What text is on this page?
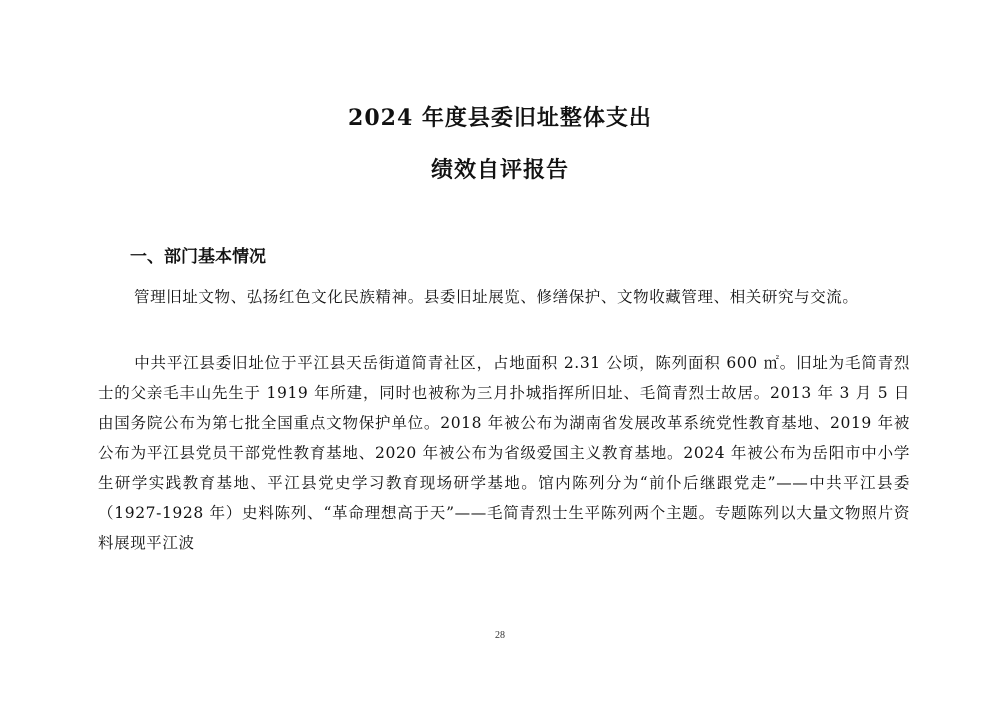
2024 年度县委旧址整体支出
绩效自评报告
一、部门基本情况

管理旧址文物、弘扬红色文化民族精神。县委旧址展览、修缮保护、文物收藏管理、相关研究与交流。

中共平江县委旧址位于平江县天岳街道简青社区，占地面积 2.31 公顷，陈列面积 600 ㎡。旧址为毛简青烈士的父亲毛丰山先生于 1919 年所建，同时也被称为三月扑城指挥所旧址、毛简青烈士故居。2013 年 3 月 5 日由国务院公布为第七批全国重点文物保护单位。2018 年被公布为湖南省发展改革系统党性教育基地、2019 年被公布为平江县党员干部党性教育基地、2020 年被公布为省级爱国主义教育基地。2024 年被公布为岳阳市中小学生研学实践教育基地、平江县党史学习教育现场研学基地。馆内陈列分为“前仆后继跟党走”——中共平江县委（1927-1928 年）史料陈列、“革命理想高于天”——毛简青烈士生平陈列两个主题。专题陈列以大量文物照片资料展现平江波

28
